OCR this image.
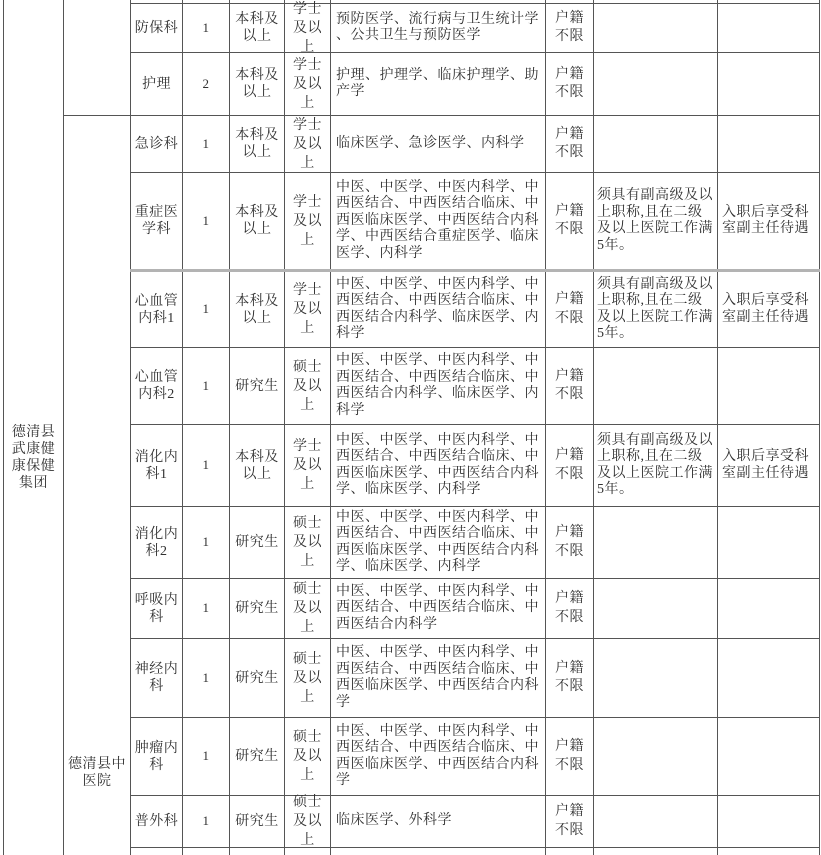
德清县武康健康保健集团									
		防保科	1	本科及以上	学士及以上	预防医学、流行病与卫生统计学、公共卫生与预防医学	户籍不限		
		护理	2	本科及以上	学士及以上	护理、护理学、临床护理学、助产学	户籍不限		
	德清县中医院	急诊科	1	本科及以上	学士及以上	临床医学、急诊医学、内科学	户籍不限		
		重症医学科	1	本科及以上	学士及以上	中医、中医学、中医内科学、中西医结合、中西医结合临床、中西医临床医学、中西医结合内科学、中西医结合重症医学、临床医学、内科学	户籍不限	须具有副高级及以上职称,且在二级及以上医院工作满5年。	入职后享受科室副主任待遇
		心血管内科1	1	本科及以上	学士及以上	中医、中医学、中医内科学、中西医结合、中西医结合临床、中西医结合内科学、临床医学、内科学	户籍不限	须具有副高级及以上职称,且在二级及以上医院工作满5年。	入职后享受科室副主任待遇
		心血管内科2	1	研究生	硕士及以上	中医、中医学、中医内科学、中西医结合、中西医结合临床、中西医结合内科学、临床医学、内科学	户籍不限		
		消化内科1	1	本科及以上	学士及以上	中医、中医学、中医内科学、中西医结合、中西医结合临床、中西医临床医学、中西医结合内科学、临床医学、内科学	户籍不限	须具有副高级及以上职称,且在二级及以上医院工作满5年。	入职后享受科室副主任待遇
		消化内科2	1	研究生	硕士及以上	中医、中医学、中医内科学、中西医结合、中西医结合临床、中西医临床医学、中西医结合内科学、临床医学、内科学	户籍不限		
		呼吸内科	1	研究生	硕士及以上	中医、中医学、中医内科学、中西医结合、中西医结合临床、中西医结合内科学	户籍不限		
		神经内科	1	研究生	硕士及以上	中医、中医学、中医内科学、中西医结合、中西医结合临床、中西医临床医学、中西医结合内科学	户籍不限		
		肿瘤内科	1	研究生	硕士及以上	中医、中医学、中医内科学、中西医结合、中西医结合临床、中西医临床医学、中西医结合内科学	户籍不限		
		普外科	1	研究生	硕士及以上	临床医学、外科学	户籍不限		
